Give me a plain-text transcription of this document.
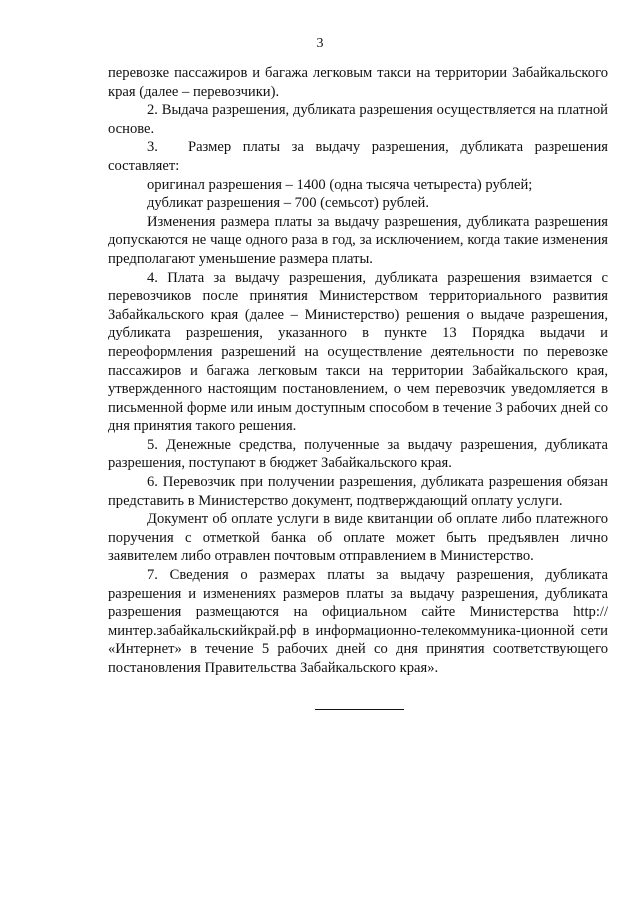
3

перевозке пассажиров и багажа легковым такси на территории Забайкальского края (далее – перевозчики).

2. Выдача разрешения, дубликата разрешения осуществляется на платной основе.

3. Размер платы за выдачу разрешения, дубликата разрешения составляет:

оригинал разрешения – 1400 (одна тысяча четыреста) рублей;

дубликат разрешения – 700 (семьсот) рублей.

Изменения размера платы за выдачу разрешения, дубликата разрешения допускаются не чаще одного раза в год, за исключением, когда такие изменения предполагают уменьшение размера платы.

4. Плата за выдачу разрешения, дубликата разрешения взимается с перевозчиков после принятия Министерством территориального развития Забайкальского края (далее – Министерство) решения о выдаче разрешения, дубликата разрешения, указанного в пункте 13 Порядка выдачи и переоформления разрешений на осуществление деятельности по перевозке пассажиров и багажа легковым такси на территории Забайкальского края, утвержденного настоящим постановлением, о чем перевозчик уведомляется в письменной форме или иным доступным способом в течение 3 рабочих дней со дня принятия такого решения.

5. Денежные средства, полученные за выдачу разрешения, дубликата разрешения, поступают в бюджет Забайкальского края.

6. Перевозчик при получении разрешения, дубликата разрешения обязан представить в Министерство документ, подтверждающий оплату услуги.

Документ об оплате услуги в виде квитанции об оплате либо платежного поручения с отметкой банка об оплате может быть предъявлен лично заявителем либо отравлен почтовым отправлением в Министерство.

7. Сведения о размерах платы за выдачу разрешения, дубликата разрешения и изменениях размеров платы за выдачу разрешения, дубликата разрешения размещаются на официальном сайте Министерства http://минтер.забайкальскийкрай.рф в информационно-телекоммуника-ционной сети «Интернет» в течение 5 рабочих дней со дня принятия соответствующего постановления Правительства Забайкальского края».
